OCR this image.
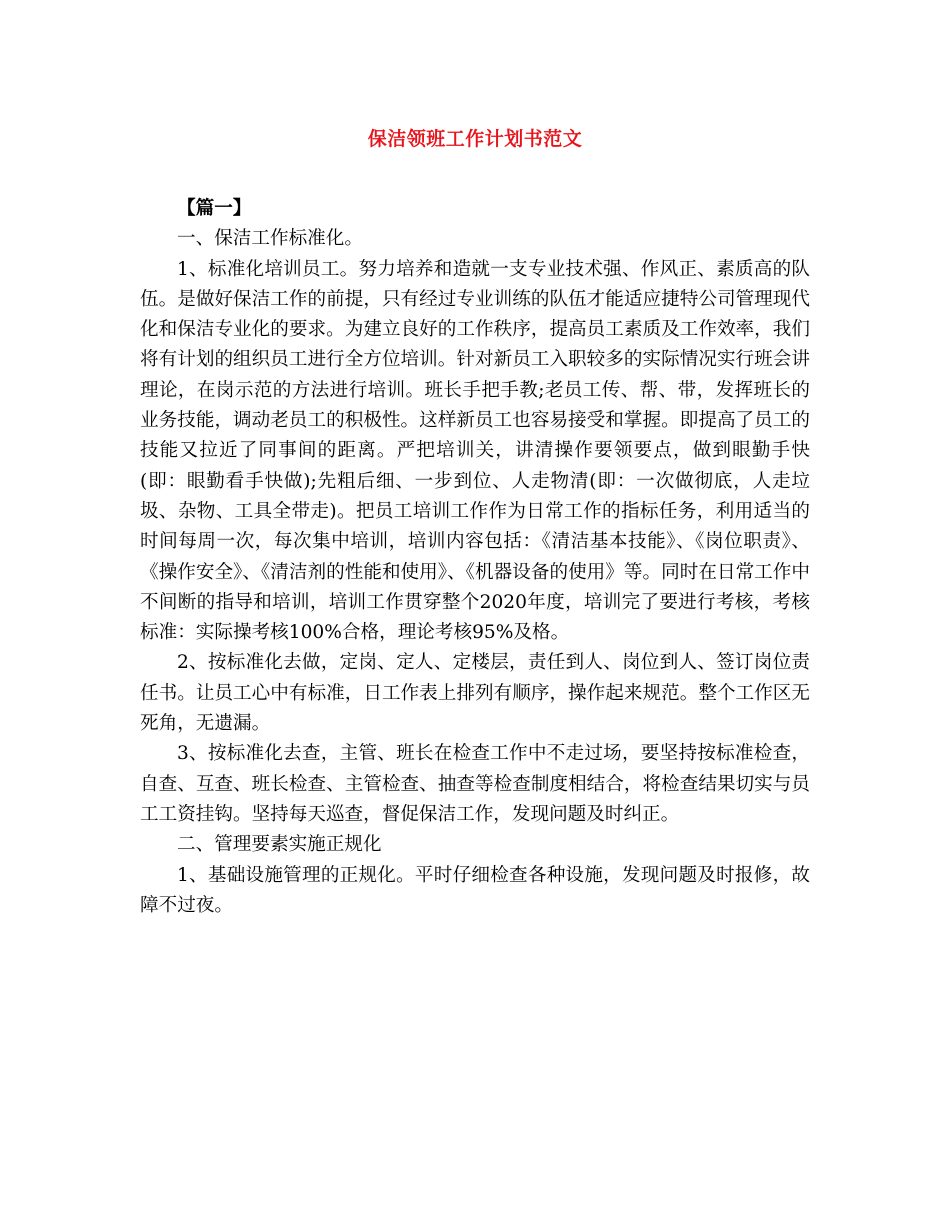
保洁领班工作计划书范文

【篇一】

一、保洁工作标准化。

1、标准化培训员工。努力培养和造就一支专业技术强、作风正、素质高的队伍。是做好保洁工作的前提，只有经过专业训练的队伍才能适应捷特公司管理现代化和保洁专业化的要求。为建立良好的工作秩序，提高员工素质及工作效率，我们将有计划的组织员工进行全方位培训。针对新员工入职较多的实际情况实行班会讲理论，在岗示范的方法进行培训。班长手把手教;老员工传、帮、带，发挥班长的业务技能，调动老员工的积极性。这样新员工也容易接受和掌握。即提高了员工的技能又拉近了同事间的距离。严把培训关，讲清操作要领要点，做到眼勤手快(即：眼勤看手快做);先粗后细、一步到位、人走物清(即：一次做彻底，人走垃圾、杂物、工具全带走)。把员工培训工作作为日常工作的指标任务，利用适当的时间每周一次，每次集中培训，培训内容包括：《清洁基本技能》、《岗位职责》、《操作安全》、《清洁剂的性能和使用》、《机器设备的使用》等。同时在日常工作中不间断的指导和培训，培训工作贯穿整个2020年度，培训完了要进行考核，考核标准：实际操考核100%合格，理论考核95%及格。

2、按标准化去做，定岗、定人、定楼层，责任到人、岗位到人、签订岗位责任书。让员工心中有标准，日工作表上排列有顺序，操作起来规范。整个工作区无死角，无遗漏。

3、按标准化去查，主管、班长在检查工作中不走过场，要坚持按标准检查，自查、互查、班长检查、主管检查、抽查等检查制度相结合，将检查结果切实与员工工资挂钩。坚持每天巡查，督促保洁工作，发现问题及时纠正。

二、管理要素实施正规化

1、基础设施管理的正规化。平时仔细检查各种设施，发现问题及时报修，故障不过夜。
